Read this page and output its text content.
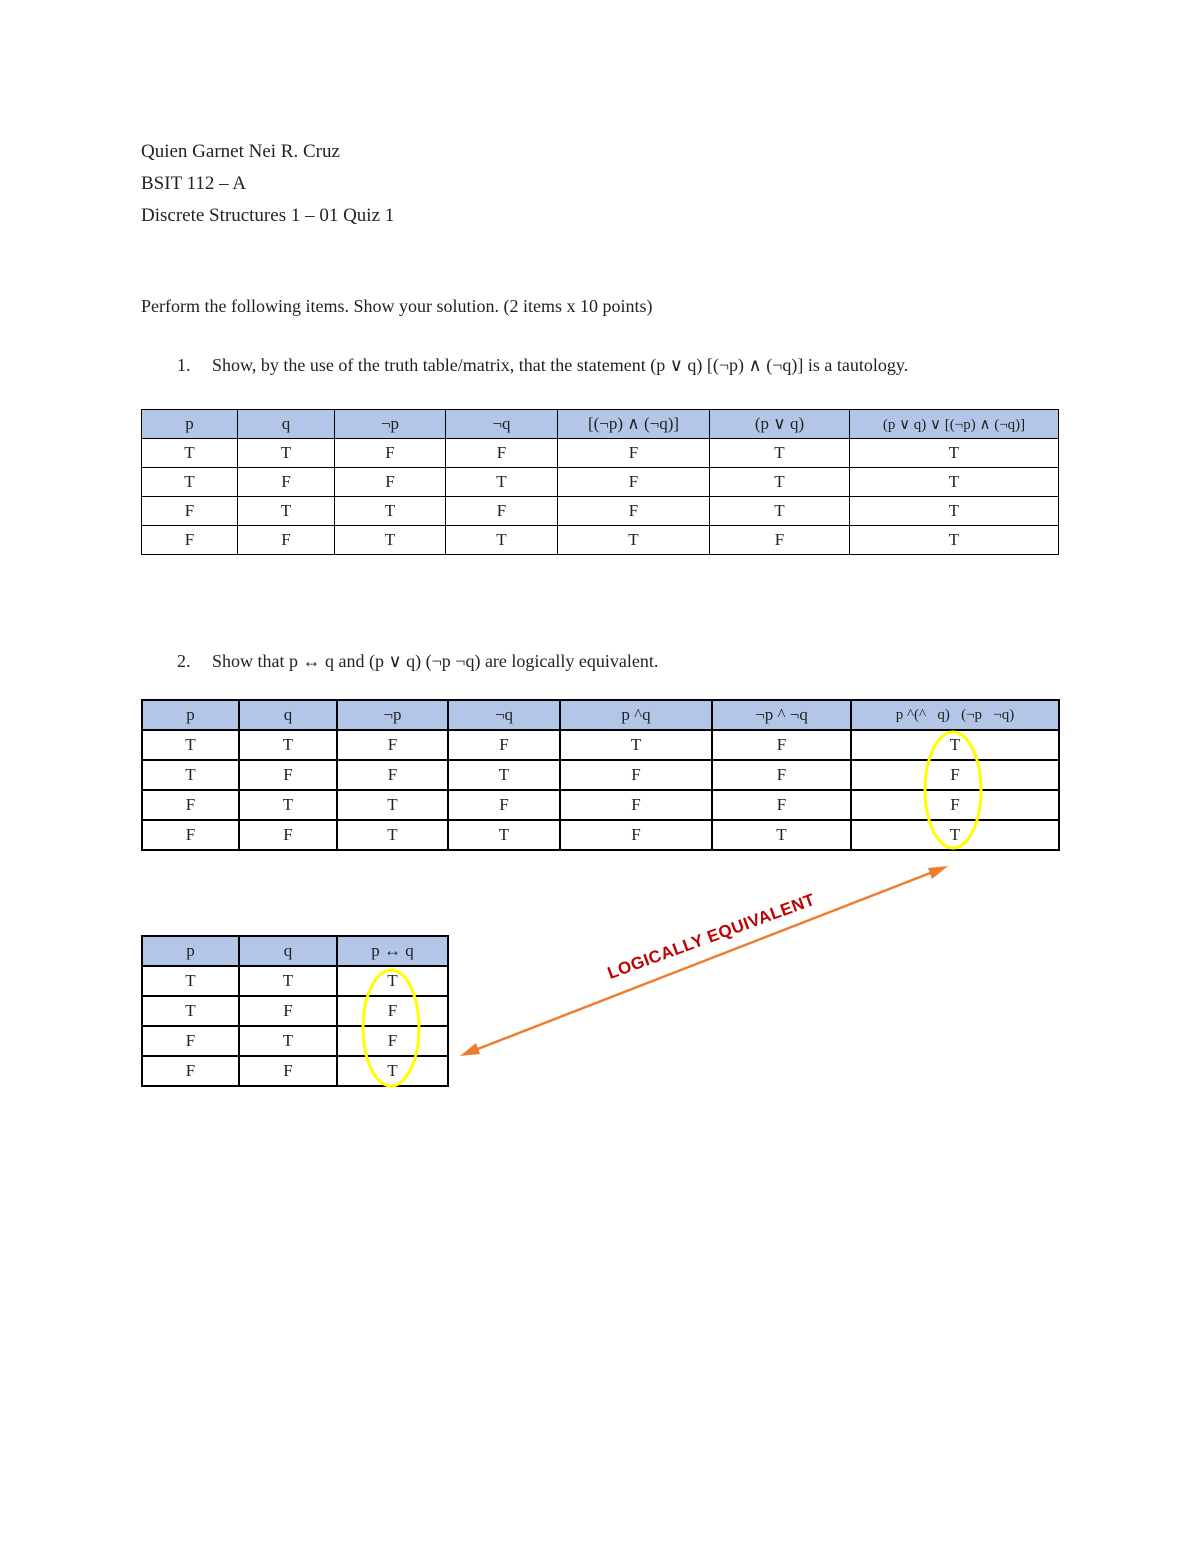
Quien Garnet Nei R. Cruz
BSIT 112 – A
Discrete Structures 1 – 01 Quiz 1
Perform the following items. Show your solution. (2 items x 10 points)
1. Show, by the use of the truth table/matrix, that the statement (p ∨ q) [(¬p) ∧ (¬q)] is a tautology.
p	q	¬p	¬q	[(¬p) ∧ (¬q)]	(p ∨ q)	(p ∨ q) ∨ [(¬p) ∧ (¬q)]
T	T	F	F	F	T	T
T	F	F	T	F	T	T
F	T	T	F	F	T	T
F	F	T	T	T	F	T
2. Show that p ↔ q and (p ∨ q) (¬p ¬q) are logically equivalent.
p	q	¬p	¬q	p ^q	¬p ^ ¬q	p ^(^   q)   (¬p   ¬q)
T	T	F	F	T	F	T
T	F	F	T	F	F	F
F	T	T	F	F	F	F
F	F	T	T	F	T	T
p	q	p ↔ q
T	T	T
T	F	F
F	T	F
F	F	T
LOGICALLY EQUIVALENT
